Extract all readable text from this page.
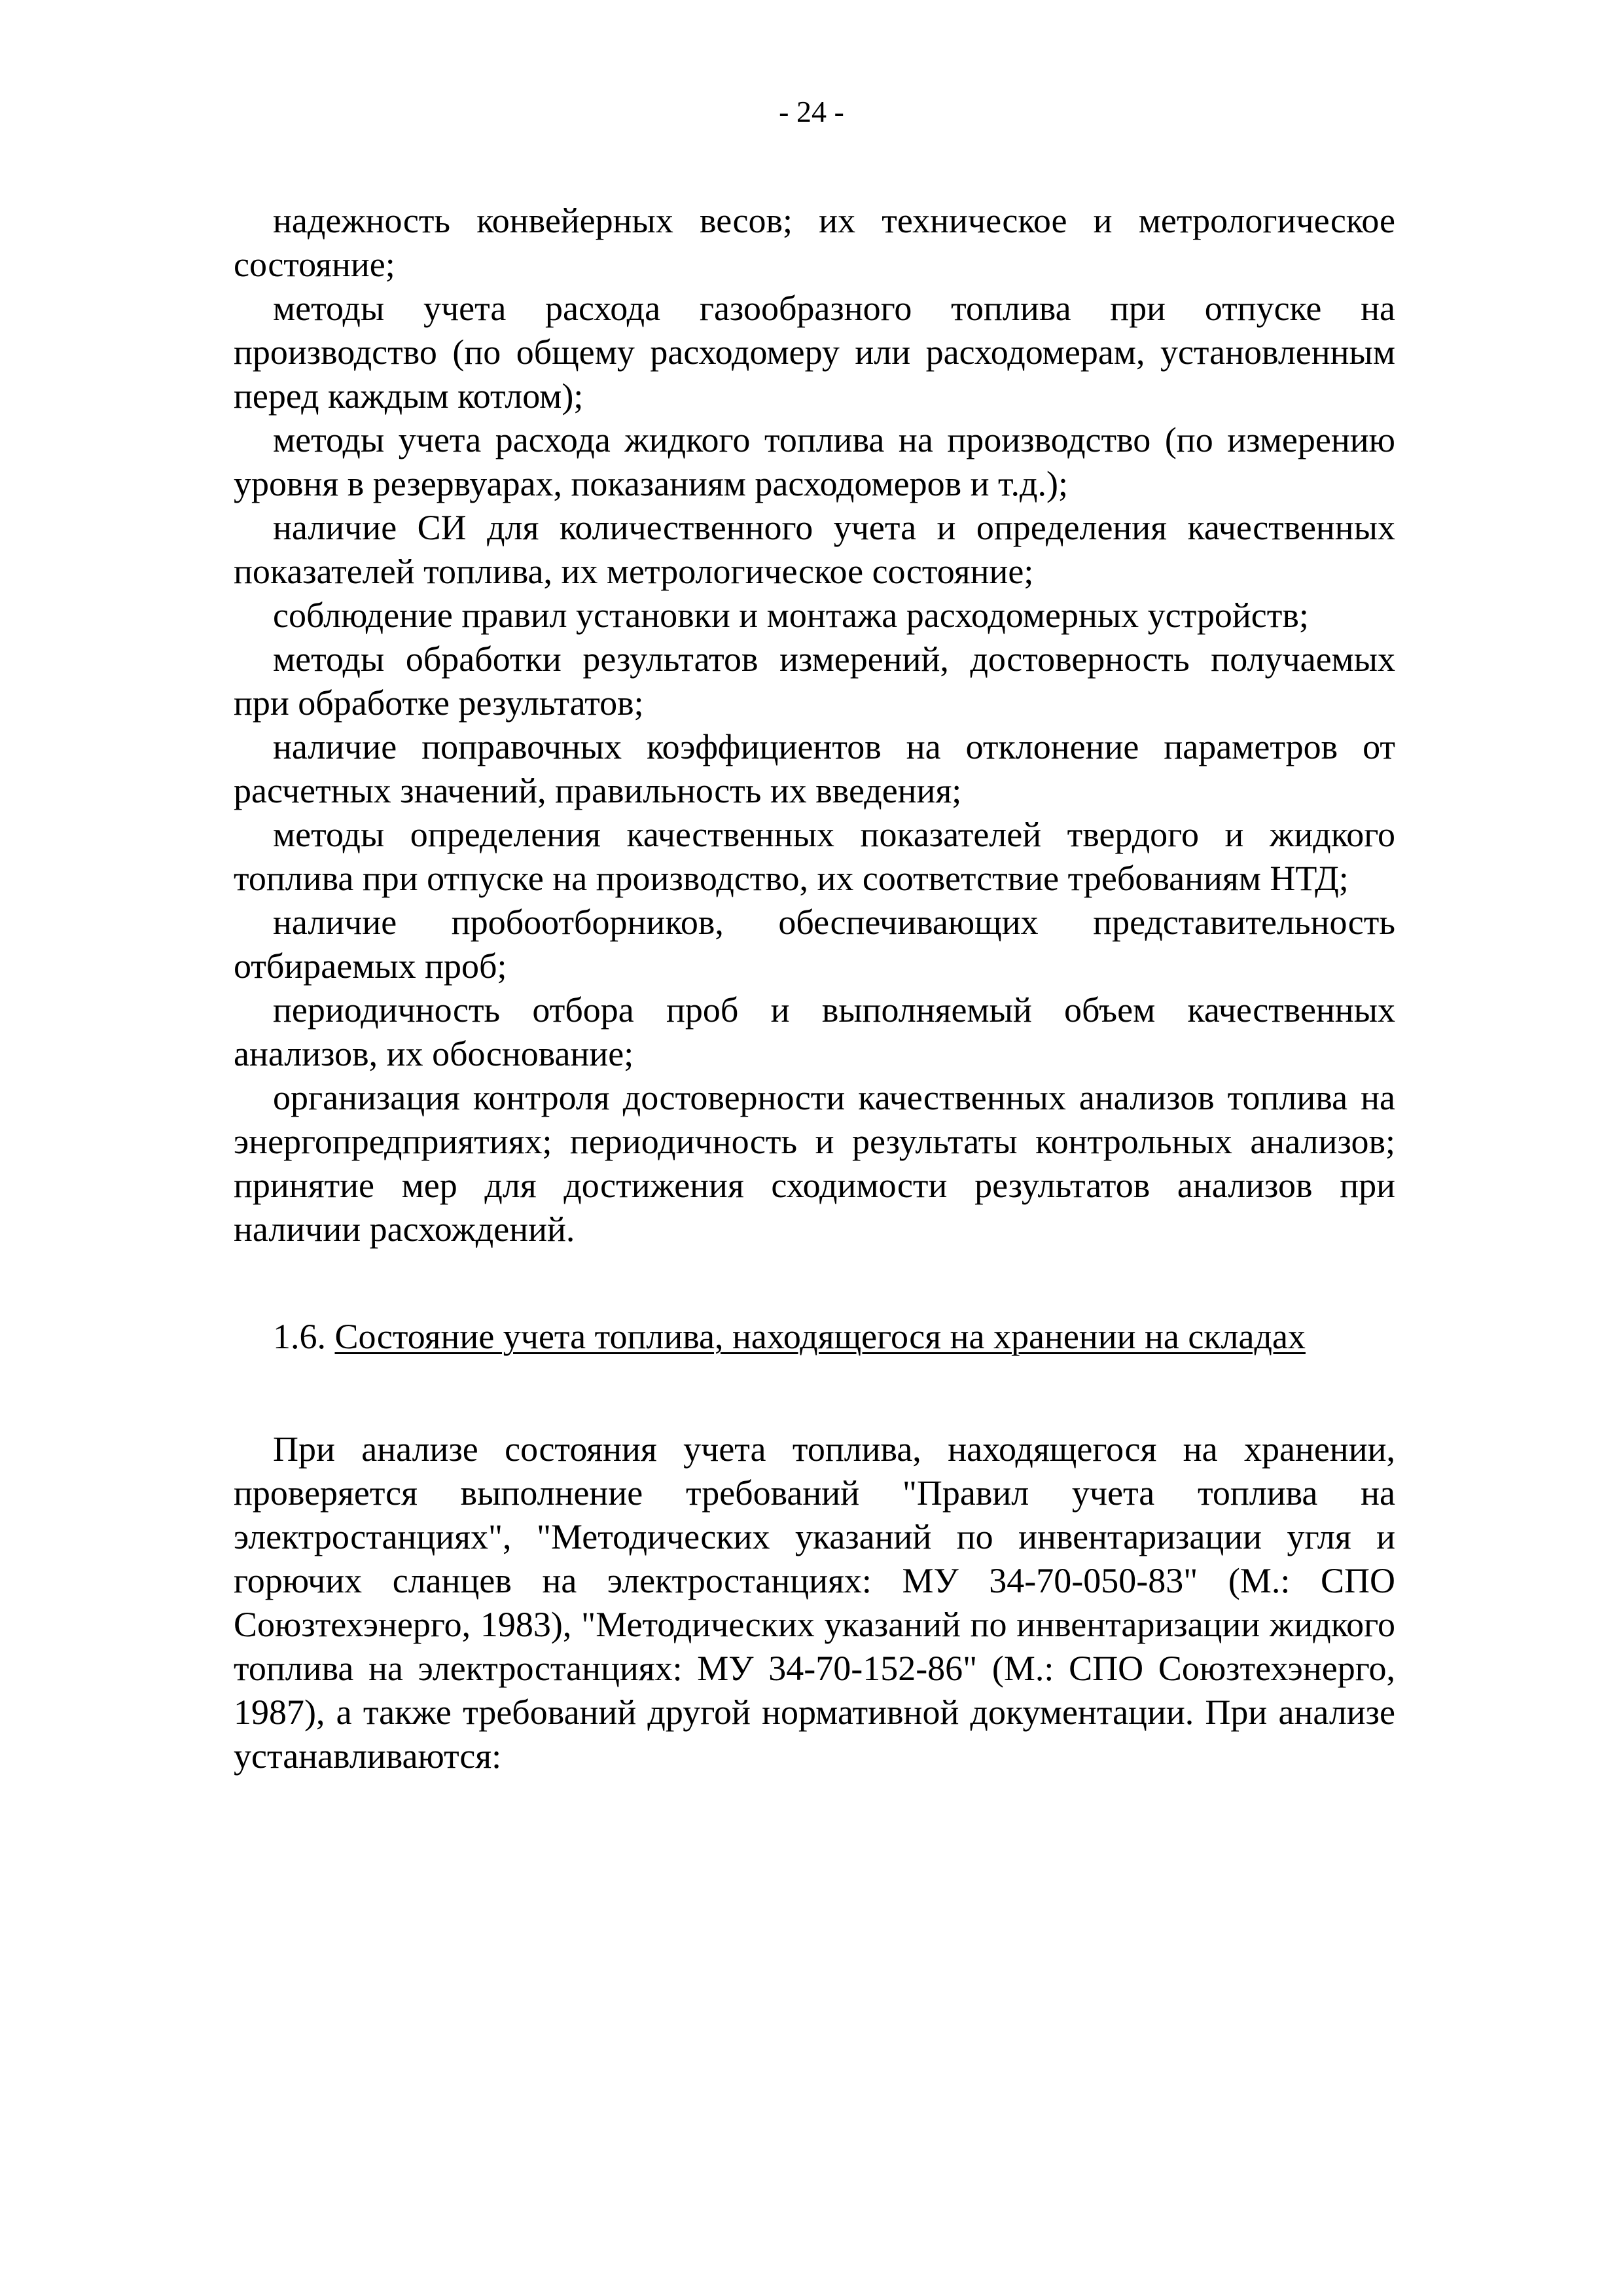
- 24 -

надежность конвейерных весов; их техническое и метрологическое состояние;

методы учета расхода газообразного топлива при отпуске на производство (по общему расходомеру или расходомерам, установленным перед каждым котлом);

методы учета расхода жидкого топлива на производство (по измерению уровня в резервуарах, показаниям расходомеров и т.д.);

наличие СИ для количественного учета и определения качественных показателей топлива, их метрологическое состояние;

соблюдение правил установки и монтажа расходомерных устройств;

методы обработки результатов измерений, достоверность получаемых при обработке результатов;

наличие поправочных коэффициентов на отклонение параметров от расчетных значений, правильность их введения;

методы определения качественных показателей твердого и жидкого топлива при отпуске на производство, их соответствие требованиям НТД;

наличие пробоотборников, обеспечивающих представительность отбираемых проб;

периодичность отбора проб и выполняемый объем качественных анализов, их обоснование;

организация контроля достоверности качественных анализов топлива на энергопредприятиях; периодичность и результаты контрольных анализов; принятие мер для достижения сходимости результатов анализов при наличии расхождений.

1.6. Состояние учета топлива, находящегося на хранении на складах

При анализе состояния учета топлива, находящегося на хранении, проверяется выполнение требований "Правил учета топлива на электростанциях", "Методических указаний по инвентаризации угля и горючих сланцев на электростанциях: МУ 34-70-050-83" (М.: СПО Союзтехэнерго, 1983), "Методических указаний по инвентаризации жидкого топлива на электростанциях: МУ 34-70-152-86" (М.: СПО Союзтехэнерго, 1987), а также требований другой нормативной документации. При анализе устанавливаются:
